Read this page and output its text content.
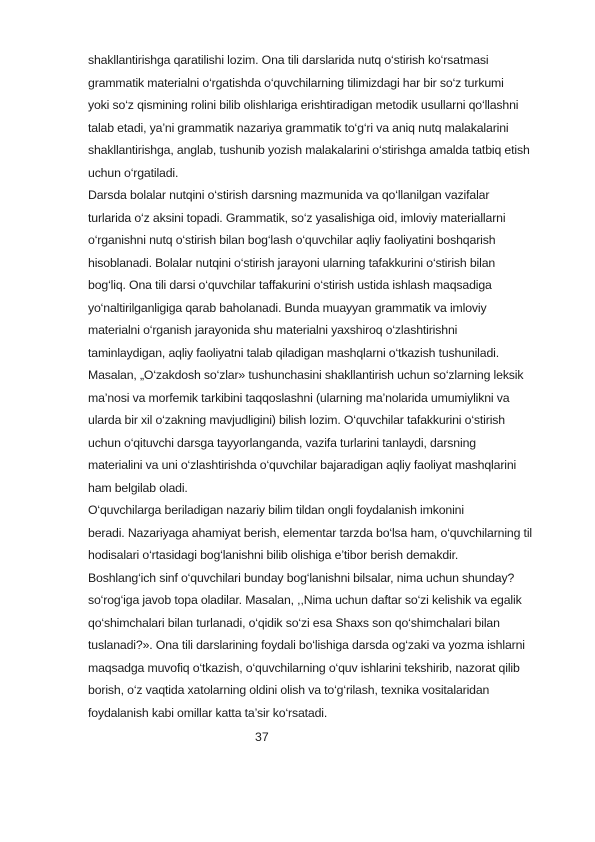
shakllantirishga qaratilishi lozim. Ona tili darslarida nutq o‘stirish ko‘rsatmasi
grammatik materialni o‘rgatishda o‘quvchilarning tilimizdagi har bir so‘z turkumi
yoki so‘z qismining rolini bilib olishlariga erishtiradigan metodik usullarni qo‘llashni
talab etadi, ya’ni grammatik nazariya grammatik to‘g‘ri va aniq nutq malakalarini
shakllantirishga, anglab, tushunib yozish malakalarini o‘stirishga amalda tatbiq etish
uchun o‘rgatiladi.
Darsda bolalar nutqini o‘stirish darsning mazmunida va qo‘llanilgan vazifalar
turlarida o‘z aksini topadi. Grammatik, so‘z yasalishiga oid, imloviy materiallarni
o‘rganishni nutq o‘stirish bilan bog‘lash o‘quvchilar aqliy faoliyatini boshqarish
hisoblanadi. Bolalar nutqini o‘stirish jarayoni ularning tafakkurini o‘stirish bilan
bog‘liq. Ona tili darsi o‘quvchilar taffakurini o‘stirish ustida ishlash maqsadiga
yo‘naltirilganligiga qarab baholanadi. Bunda muayyan grammatik va imloviy
materialni o‘rganish jarayonida shu materialni yaxshiroq o‘zlashtirishni
taminlaydigan, aqliy faoliyatni talab qiladigan mashqlarni o‘tkazish tushuniladi.
Masalan, „O‘zakdosh so‘zlar» tushunchasini shakllantirish uchun so‘zlarning leksik
ma’nosi va morfemik tarkibini taqqoslashni (ularning ma’nolarida umumiylikni va
ularda bir xil o‘zakning mavjudligini) bilish lozim. O‘quvchilar tafakkurini o‘stirish
uchun o‘qituvchi darsga tayyorlanganda, vazifa turlarini tanlaydi, darsning
materialini va uni o‘zlashtirishda o‘quvchilar bajaradigan aqliy faoliyat mashqlarini
ham belgilab oladi.
O‘quvchilarga beriladigan nazariy bilim tildan ongli foydalanish imkonini
beradi. Nazariyaga ahamiyat berish, elementar tarzda bo‘lsa ham, o‘quvchilarning til
hodisalari o‘rtasidagi bog‘lanishni bilib olishiga e’tibor berish demakdir.
Boshlang‘ich sinf o‘quvchilari bunday bog‘lanishni bilsalar, nima uchun shunday?
so‘rog‘iga javob topa oladilar. Masalan, ,,Nima uchun daftar so‘zi kelishik va egalik
qo‘shimchalari bilan turlanadi, o‘qidik so‘zi esa Shaxs son qo‘shimchalari bilan
tuslanadi?». Ona tili darslarining foydali bo‘lishiga darsda og‘zaki va yozma ishlarni
maqsadga muvofiq o‘tkazish, o‘quvchilarning o‘quv ishlarini tekshirib, nazorat qilib
borish, o‘z vaqtida xatolarning oldini olish va to‘g‘rilash, texnika vositalaridan
foydalanish kabi omillar katta ta’sir ko‘rsatadi.
37
